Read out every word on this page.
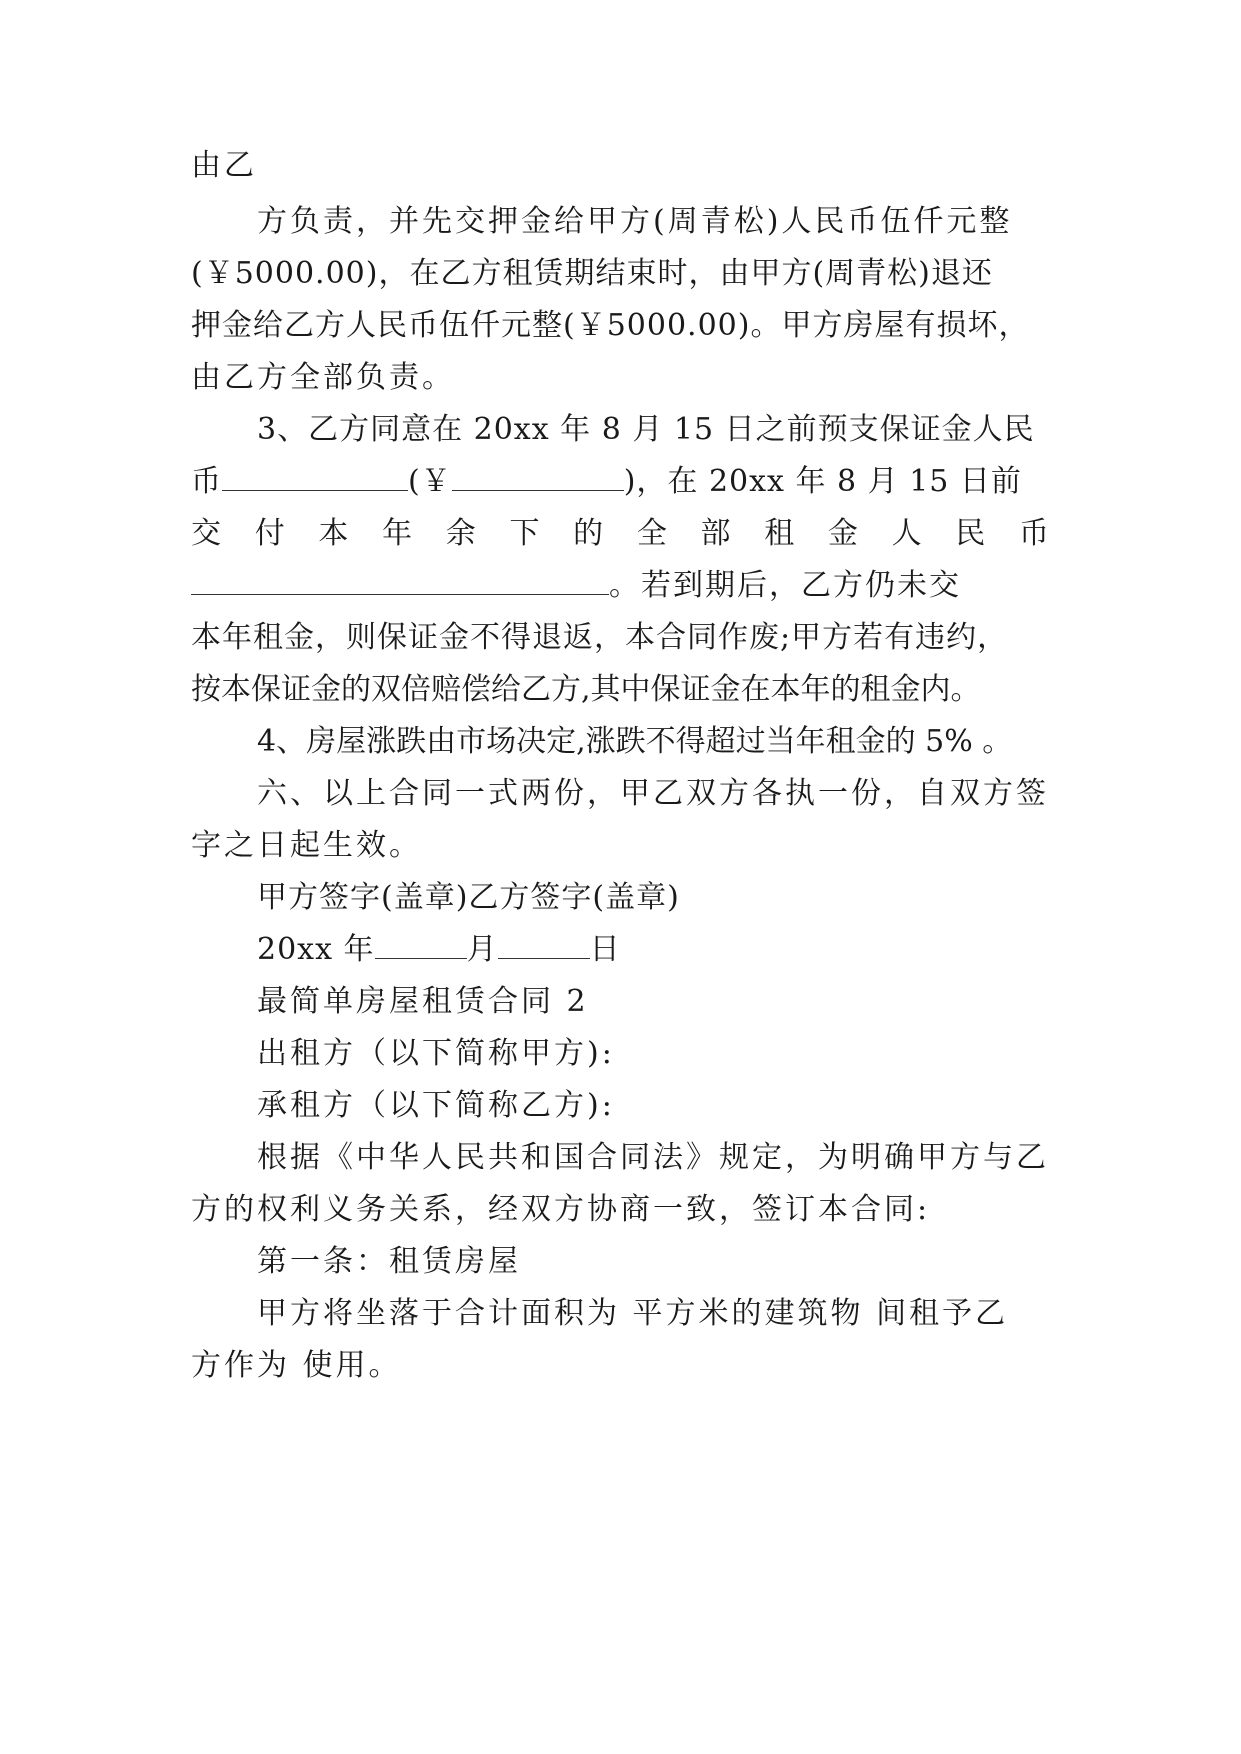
由乙
方负责，并先交押金给甲方(周青松)人民币伍仟元整
(￥5000.00)，在乙方租赁期结束时，由甲方(周青松)退还
押金给乙方人民币伍仟元整(￥5000.00)。甲方房屋有损坏，
由乙方全部负责。
3、乙方同意在 20xx 年 8 月 15 日之前预支保证金人民
币	(￥	)，在 20xx 年 8 月 15 日前
交 付 本 年 余 下 的 全 部 租 金 人 民 币
。若到期后，乙方仍未交
本年租金，则保证金不得退返，本合同作废;甲方若有违约，
按本保证金的双倍赔偿给乙方,其中保证金在本年的租金内。
4、房屋涨跌由市场决定,涨跌不得超过当年租金的 5% 。
六、以上合同一式两份，甲乙双方各执一份，自双方签
字之日起生效。
甲方签字(盖章)乙方签字(盖章)
20xx 年	月	日
最简单房屋租赁合同 2
出租方（以下简称甲方):
承租方（以下简称乙方):
根据《中华人民共和国合同法》规定，为明确甲方与乙
方的权利义务关系，经双方协商一致，签订本合同:
第一条：租赁房屋
甲方将坐落于合计面积为 平方米的建筑物 间租予乙
方作为 使用。
